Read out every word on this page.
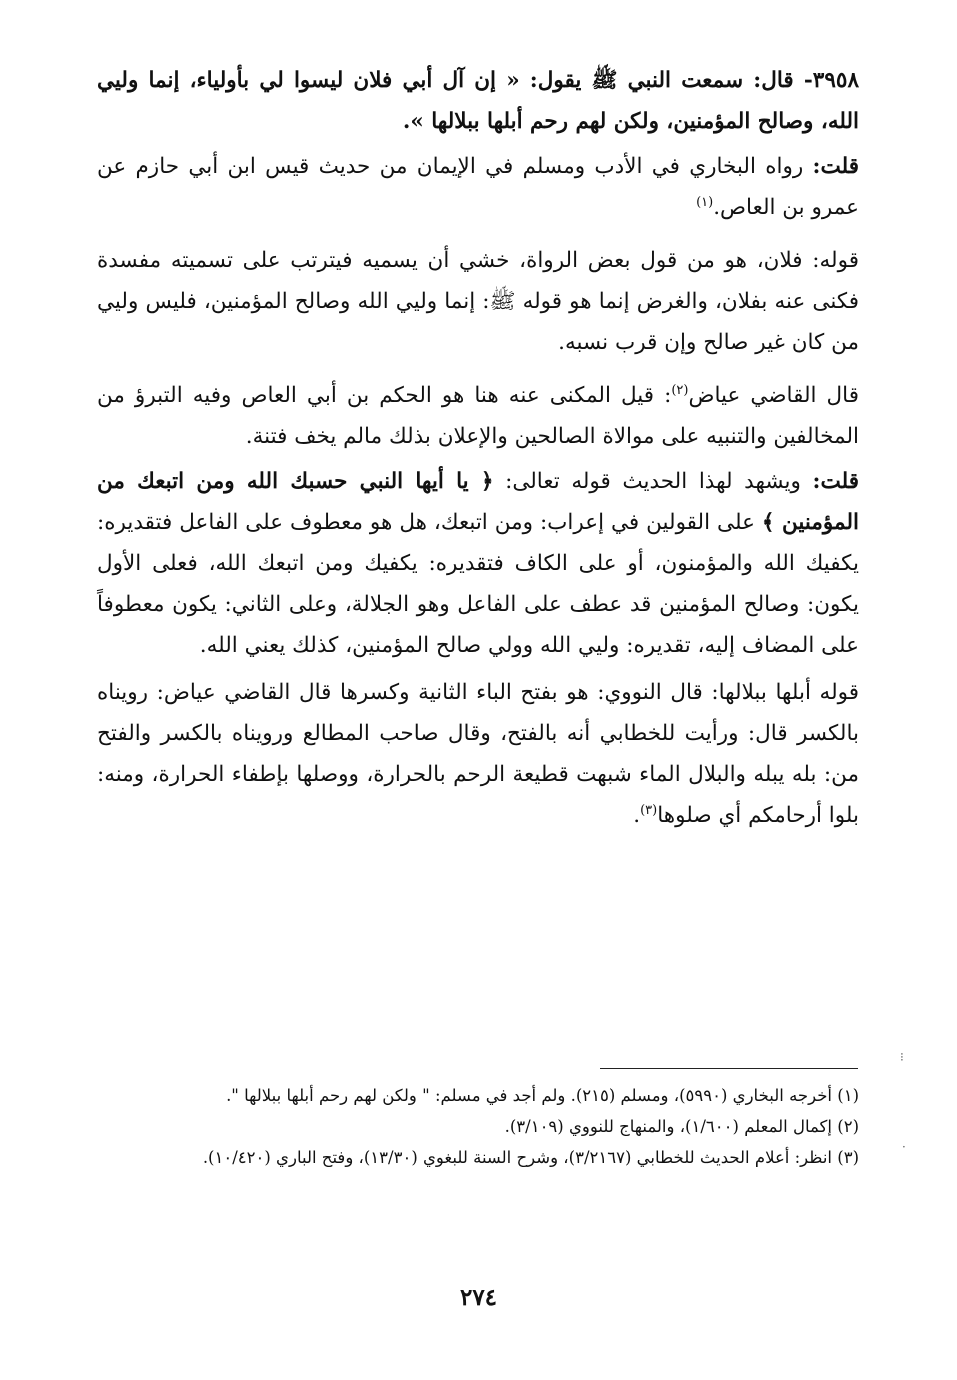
٣٩٥٨- قال: سمعت النبي ﷺ يقول: « إن آل أبي فلان ليسوا لي بأولياء، إنما وليي الله، وصالح المؤمنين، ولكن لهم رحم أبلها ببلالها ».

قلت: رواه البخاري في الأدب ومسلم في الإيمان من حديث قيس ابن أبي حازم عن عمرو بن العاص.$^{(١)}$

قوله: فلان، هو من قول بعض الرواة، خشي أن يسميه فيترتب على تسميته مفسدة فكنى عنه بفلان، والغرض إنما هو قوله ﷺ: إنما وليي الله وصالح المؤمنين، فليس وليي من كان غير صالح وإن قرب نسبه.

قال القاضي عياض$^{(٢)}$: قيل المكنى عنه هنا هو الحكم بن أبي العاص وفيه التبرؤ من المخالفين والتنبيه على موالاة الصالحين والإعلان بذلك مالم يخف فتنة.

قلت: ويشهد لهذا الحديث قوله تعالى: ﴿ يا أيها النبي حسبك الله ومن اتبعك من المؤمنين ﴾ على القولين في إعراب: ومن اتبعك، هل هو معطوف على الفاعل فتقديره: يكفيك الله والمؤمنون، أو على الكاف فتقديره: يكفيك ومن اتبعك الله، فعلى الأول يكون: وصالح المؤمنين قد عطف على الفاعل وهو الجلالة، وعلى الثاني: يكون معطوفاً على المضاف إليه، تقديره: وليي الله وولي صالح المؤمنين، كذلك يعني الله.

قوله أبلها ببلالها: قال النووي: هو بفتح الباء الثانية وكسرها قال القاضي عياض: رويناه بالكسر قال: ورأيت للخطابي أنه بالفتح، وقال صاحب المطالع ورويناه بالكسر والفتح من: بله يبله والبلال الماء شبهت قطيعة الرحم بالحرارة، ووصلها بإطفاء الحرارة، ومنه: بلوا أرحامكم أي صلوها$^{(٣)}$.

(١) أخرجه البخاري (٥٩٩٠)، ومسلم (٢١٥). ولم أجد في مسلم: " ولكن لهم رحم أبلها ببلالها ".

(٢) إكمال المعلم (١/٦٠٠)، والمنهاج للنووي (٣/١٠٩).

(٣) انظر: أعلام الحديث للخطابي (٣/٢١٦٧)، وشرح السنة للبغوي (١٣/٣٠)، وفتح الباري (١٠/٤٢٠).

٢٧٤
⁝
·
